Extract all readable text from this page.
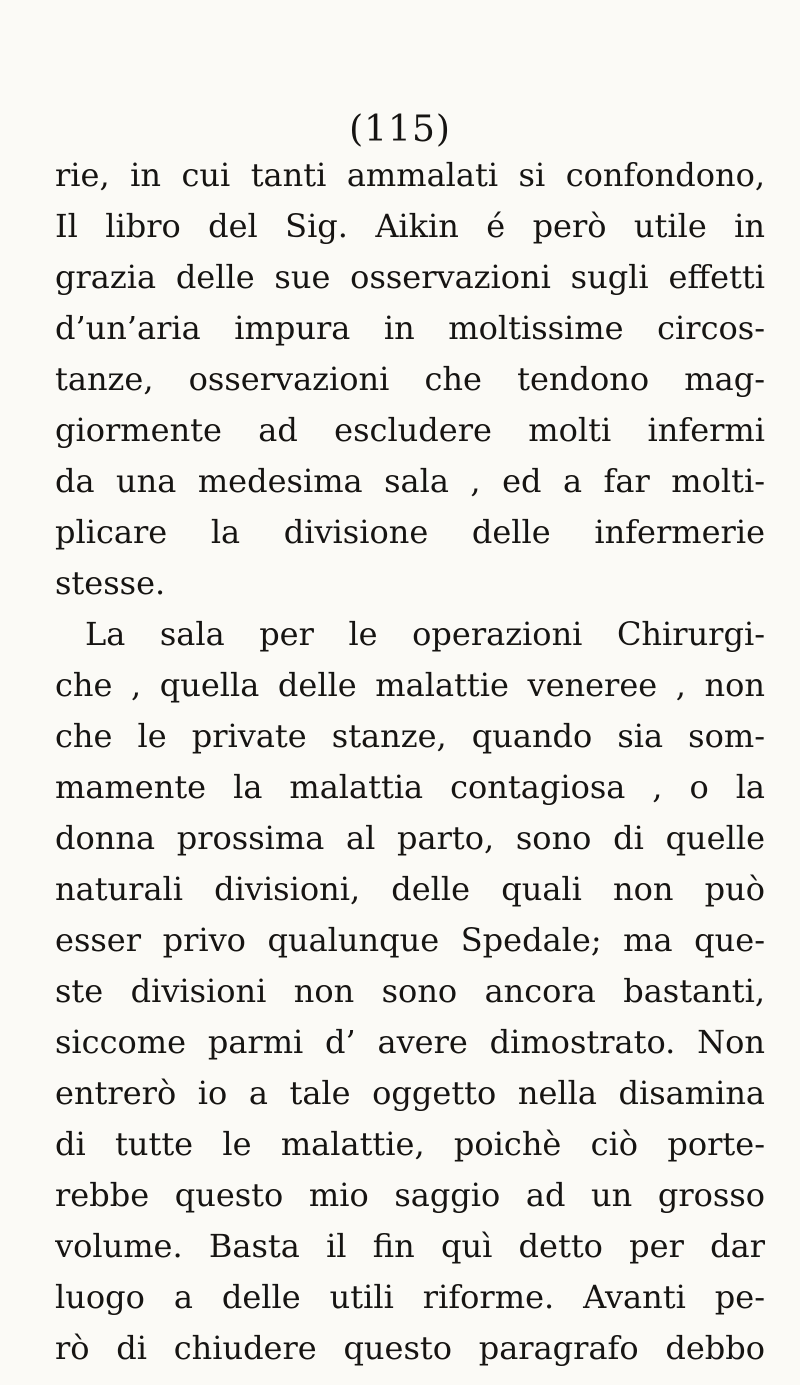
(115)
rie, in cui tanti ammalati si confondono,
Il libro del Sig. Aikin é però utile in
grazia delle sue osservazioni sugli effetti
d’un’aria impura in moltissime circos-
tanze, osservazioni che tendono mag-
giormente ad escludere molti infermi
da una medesima sala , ed a far molti-
plicare la divisione delle infermerie
stesse.
La sala per le operazioni Chirurgi-
che , quella delle malattie veneree , non
che le private stanze, quando sia som-
mamente la malattia contagiosa , o la
donna prossima al parto, sono di quelle
naturali divisioni, delle quali non può
esser privo qualunque Spedale; ma que-
ste divisioni non sono ancora bastanti,
siccome parmi d’ avere dimostrato. Non
entrerò io a tale oggetto nella disamina
di tutte le malattie, poichè ciò porte-
rebbe questo mio saggio ad un grosso
volume. Basta il fin quì detto per dar
luogo a delle utili riforme. Avanti pe-
rò di chiudere questo paragrafo debbo
